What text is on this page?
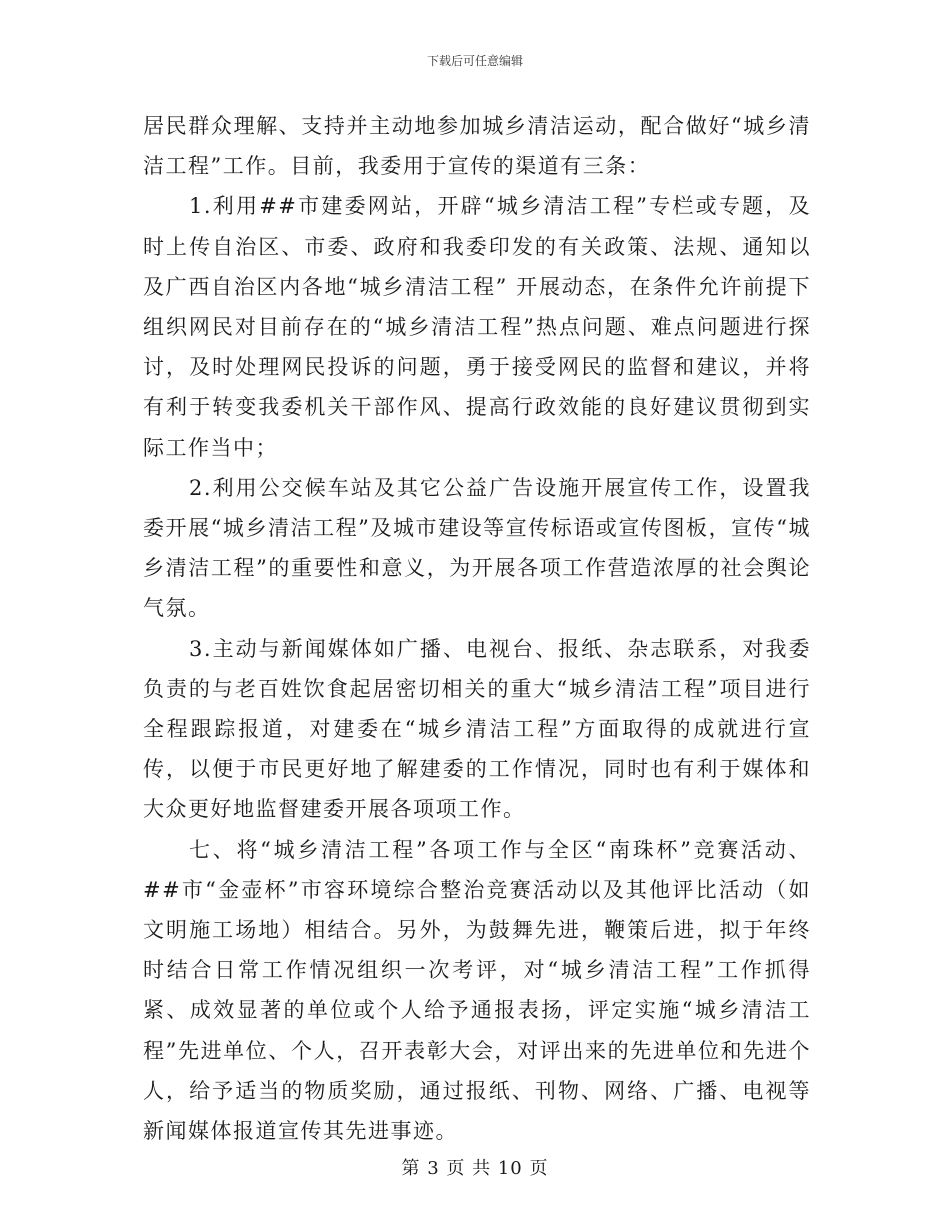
下载后可任意编辑

居民群众理解、支持并主动地参加城乡清洁运动，配合做好“城乡清洁工程”工作。目前，我委用于宣传的渠道有三条：

1.利用##市建委网站，开辟“城乡清洁工程”专栏或专题，及时上传自治区、市委、政府和我委印发的有关政策、法规、通知以及广西自治区内各地“城乡清洁工程” 开展动态，在条件允许前提下组织网民对目前存在的“城乡清洁工程”热点问题、难点问题进行探讨，及时处理网民投诉的问题，勇于接受网民的监督和建议，并将有利于转变我委机关干部作风、提高行政效能的良好建议贯彻到实际工作当中；

2.利用公交候车站及其它公益广告设施开展宣传工作，设置我委开展“城乡清洁工程”及城市建设等宣传标语或宣传图板，宣传“城乡清洁工程”的重要性和意义，为开展各项工作营造浓厚的社会舆论气氛。

3.主动与新闻媒体如广播、电视台、报纸、杂志联系，对我委负责的与老百姓饮食起居密切相关的重大“城乡清洁工程”项目进行全程跟踪报道，对建委在“城乡清洁工程”方面取得的成就进行宣传，以便于市民更好地了解建委的工作情况，同时也有利于媒体和大众更好地监督建委开展各项项工作。

七、将“城乡清洁工程”各项工作与全区“南珠杯”竞赛活动、##市“金壶杯”市容环境综合整治竞赛活动以及其他评比活动（如文明施工场地）相结合。另外，为鼓舞先进，鞭策后进，拟于年终时结合日常工作情况组织一次考评，对“城乡清洁工程”工作抓得紧、成效显著的单位或个人给予通报表扬，评定实施“城乡清洁工程”先进单位、个人，召开表彰大会，对评出来的先进单位和先进个人，给予适当的物质奖励，通过报纸、刊物、网络、广播、电视等新闻媒体报道宣传其先进事迹。

第 3 页 共 10 页
